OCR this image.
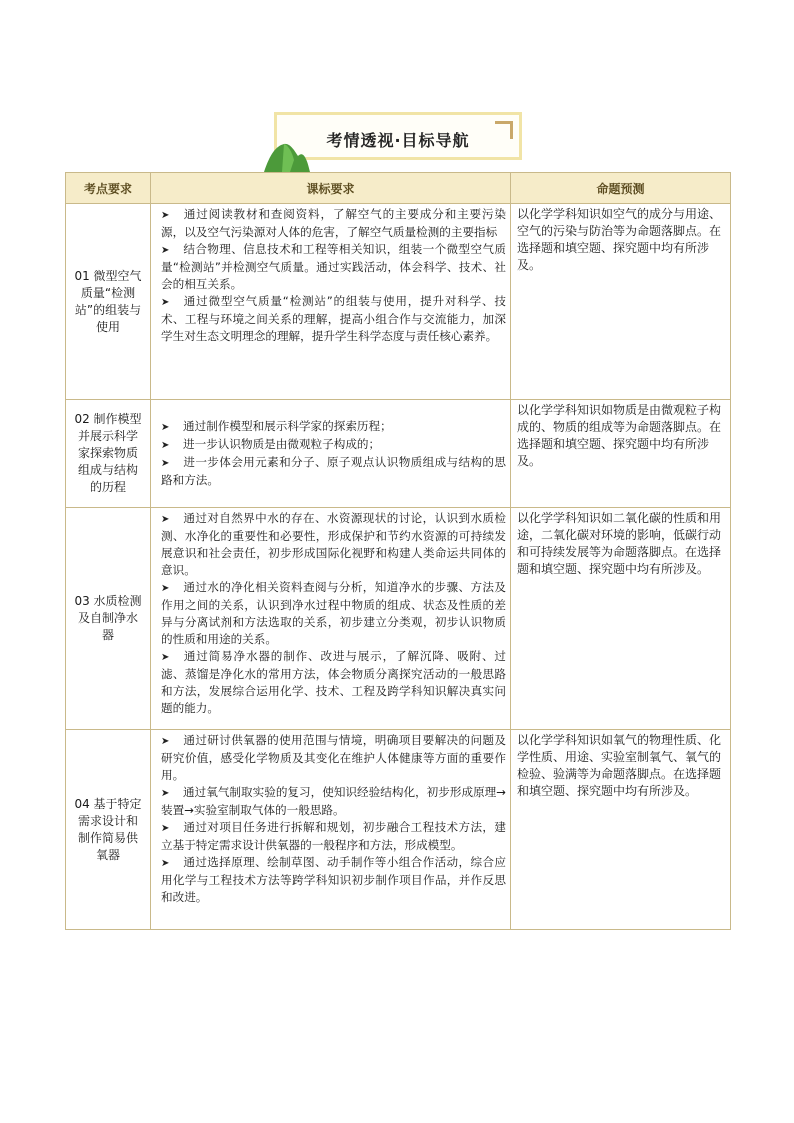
考情透视·目标导航
考点要求	课标要求	命题预测
01 微型空气质量“检测站”的组装与使用	➤ 通过阅读教材和查阅资料，了解空气的主要成分和主要污染源，以及空气污染源对人体的危害，了解空气质量检测的主要指标
➤ 结合物理、信息技术和工程等相关知识，组装一个微型空气质量“检测站”并检测空气质量。通过实践活动，体会科学、技术、社会的相互关系。
➤ 通过微型空气质量“检测站”的组装与使用，提升对科学、技术、工程与环境之间关系的理解，提高小组合作与交流能力，加深学生对生态文明理念的理解，提升学生科学态度与责任核心素养。	以化学学科知识如空气的成分与用途、空气的污染与防治等为命题落脚点。在选择题和填空题、探究题中均有所涉及。
02 制作模型并展示科学家探索物质组成与结构的历程	➤ 通过制作模型和展示科学家的探索历程；
➤ 进一步认识物质是由微观粒子构成的；
➤ 进一步体会用元素和分子、原子观点认识物质组成与结构的思路和方法。	以化学学科知识如物质是由微观粒子构成的、物质的组成等为命题落脚点。在选择题和填空题、探究题中均有所涉及。
03 水质检测及自制净水器	➤ 通过对自然界中水的存在、水资源现状的讨论，认识到水质检测、水净化的重要性和必要性，形成保护和节约水资源的可持续发展意识和社会责任，初步形成国际化视野和构建人类命运共同体的意识。
➤ 通过水的净化相关资料查阅与分析，知道净水的步骤、方法及作用之间的关系，认识到净水过程中物质的组成、状态及性质的差异与分离试剂和方法选取的关系，初步建立分类观，初步认识物质的性质和用途的关系。
➤ 通过简易净水器的制作、改进与展示，了解沉降、吸附、过滤、蒸馏是净化水的常用方法，体会物质分离探究活动的一般思路和方法，发展综合运用化学、技术、工程及跨学科知识解决真实问题的能力。	以化学学科知识如二氧化碳的性质和用途，二氧化碳对环境的影响，低碳行动和可持续发展等为命题落脚点。在选择题和填空题、探究题中均有所涉及。
04 基于特定需求设计和制作简易供氧器	➤ 通过研讨供氧器的使用范围与情境，明确项目要解决的问题及研究价值，感受化学物质及其变化在维护人体健康等方面的重要作用。
➤ 通过氧气制取实验的复习，使知识经验结构化，初步形成原理→装置→实验室制取气体的一般思路。
➤ 通过对项目任务进行拆解和规划，初步融合工程技术方法，建立基于特定需求设计供氧器的一般程序和方法，形成模型。
➤ 通过选择原理、绘制草图、动手制作等小组合作活动，综合应用化学与工程技术方法等跨学科知识初步制作项目作品，并作反思和改进。	以化学学科知识如氧气的物理性质、化学性质、用途、实验室制氧气、氧气的检验、验满等为命题落脚点。在选择题和填空题、探究题中均有所涉及。
